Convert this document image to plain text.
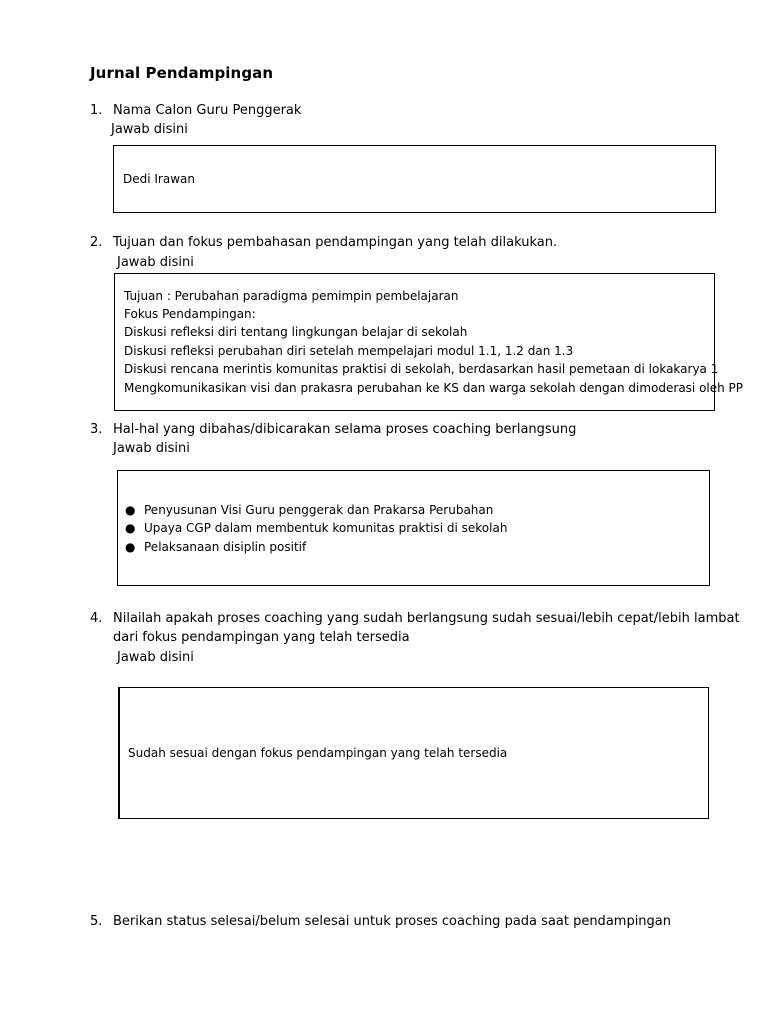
Jurnal Pendampingan
1. Nama Calon Guru Penggerak
Jawab disini
Dedi Irawan
2. Tujuan dan fokus pembahasan pendampingan yang telah dilakukan.
Jawab disini
Tujuan : Perubahan paradigma pemimpin pembelajaran
Fokus Pendampingan:
Diskusi refleksi diri tentang lingkungan belajar di sekolah
Diskusi refleksi perubahan diri setelah mempelajari modul 1.1, 1.2 dan 1.3
Diskusi rencana merintis komunitas praktisi di sekolah, berdasarkan hasil pemetaan di lokakarya 1
Mengkomunikasikan visi dan prakasra perubahan ke KS dan warga sekolah dengan dimoderasi oleh PP
3. Hal-hal yang dibahas/dibicarakan selama proses coaching berlangsung
Jawab disini
● Penyusunan Visi Guru penggerak dan Prakarsa Perubahan
● Upaya CGP dalam membentuk komunitas praktisi di sekolah
● Pelaksanaan disiplin positif
4. Nilailah apakah proses coaching yang sudah berlangsung sudah sesuai/lebih cepat/lebih lambat
dari fokus pendampingan yang telah tersedia
Jawab disini
Sudah sesuai dengan fokus pendampingan yang telah tersedia
5. Berikan status selesai/belum selesai untuk proses coaching pada saat pendampingan
